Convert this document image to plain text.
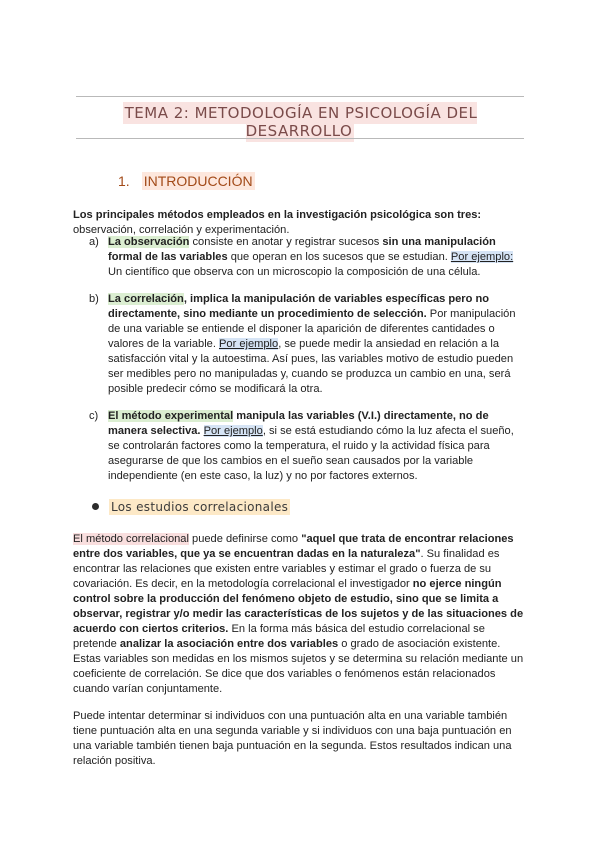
TEMA 2: METODOLOGÍA EN PSICOLOGÍA DEL DESARROLLO
1. INTRODUCCIÓN

Los principales métodos empleados en la investigación psicológica son tres: observación, correlación y experimentación.

a) La observación consiste en anotar y registrar sucesos sin una manipulación formal de las variables que operan en los sucesos que se estudian. Por ejemplo: Un científico que observa con un microscopio la composición de una célula.

b) La correlación, implica la manipulación de variables específicas pero no directamente, sino mediante un procedimiento de selección. Por manipulación de una variable se entiende el disponer la aparición de diferentes cantidades o valores de la variable. Por ejemplo, se puede medir la ansiedad en relación a la satisfacción vital y la autoestima. Así pues, las variables motivo de estudio pueden ser medibles pero no manipuladas y, cuando se produzca un cambio en una, será posible predecir cómo se modificará la otra.

c) El método experimental manipula las variables (V.I.) directamente, no de manera selectiva. Por ejemplo, si se está estudiando cómo la luz afecta el sueño, se controlarán factores como la temperatura, el ruido y la actividad física para asegurarse de que los cambios en el sueño sean causados por la variable independiente (en este caso, la luz) y no por factores externos.

Los estudios correlacionales

El método correlacional puede definirse como "aquel que trata de encontrar relaciones entre dos variables, que ya se encuentran dadas en la naturaleza". Su finalidad es encontrar las relaciones que existen entre variables y estimar el grado o fuerza de su covariación. Es decir, en la metodología correlacional el investigador no ejerce ningún control sobre la producción del fenómeno objeto de estudio, sino que se limita a observar, registrar y/o medir las características de los sujetos y de las situaciones de acuerdo con ciertos criterios. En la forma más básica del estudio correlacional se pretende analizar la asociación entre dos variables o grado de asociación existente. Estas variables son medidas en los mismos sujetos y se determina su relación mediante un coeficiente de correlación. Se dice que dos variables o fenómenos están relacionados cuando varían conjuntamente.

Puede intentar determinar si individuos con una puntuación alta en una variable también tiene puntuación alta en una segunda variable y si individuos con una baja puntuación en una variable también tienen baja puntuación en la segunda. Estos resultados indican una relación positiva.
